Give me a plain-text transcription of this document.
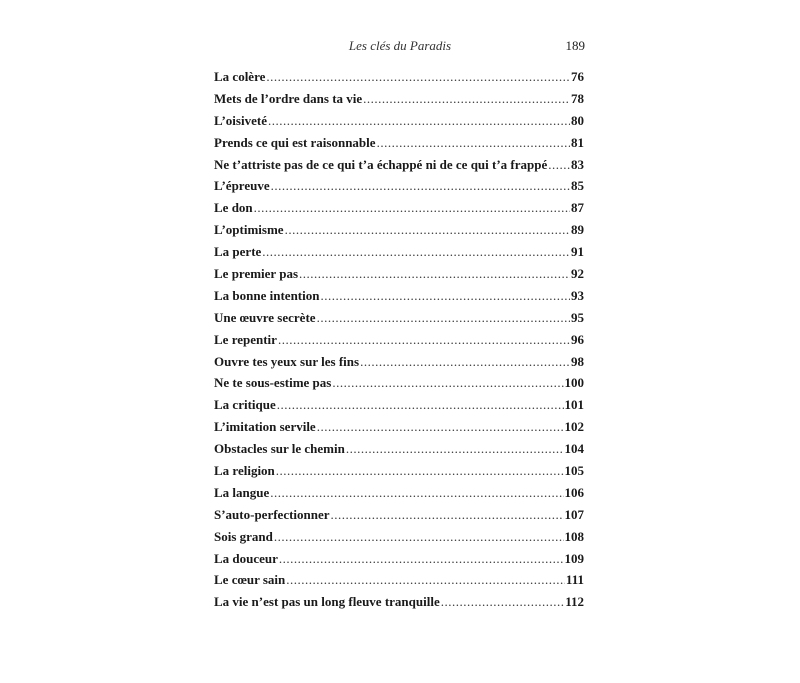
Les clés du Paradis	189
La colère .....	76
Mets de l’ordre dans ta vie .....	78
L’oisiveté .....	80
Prends ce qui est raisonnable .....	81
Ne t’attriste pas de ce qui t’a échappé ni de ce qui t’a frappé ..... 83
L’épreuve .....	85
Le don .....	87
L’optimisme .....	89
La perte .....	91
Le premier pas .....	92
La bonne intention .....	93
Une œuvre secrète .....	95
Le repentir .....	96
Ouvre tes yeux sur les fins .....	98
Ne te sous-estime pas .....	100
La critique .....	101
L’imitation servile .....	102
Obstacles sur le chemin .....	104
La religion .....	105
La langue .....	106
S’auto-perfectionner .....	107
Sois grand .....	108
La douceur .....	109
Le cœur sain .....	111
La vie n’est pas un long fleuve tranquille .....	112
